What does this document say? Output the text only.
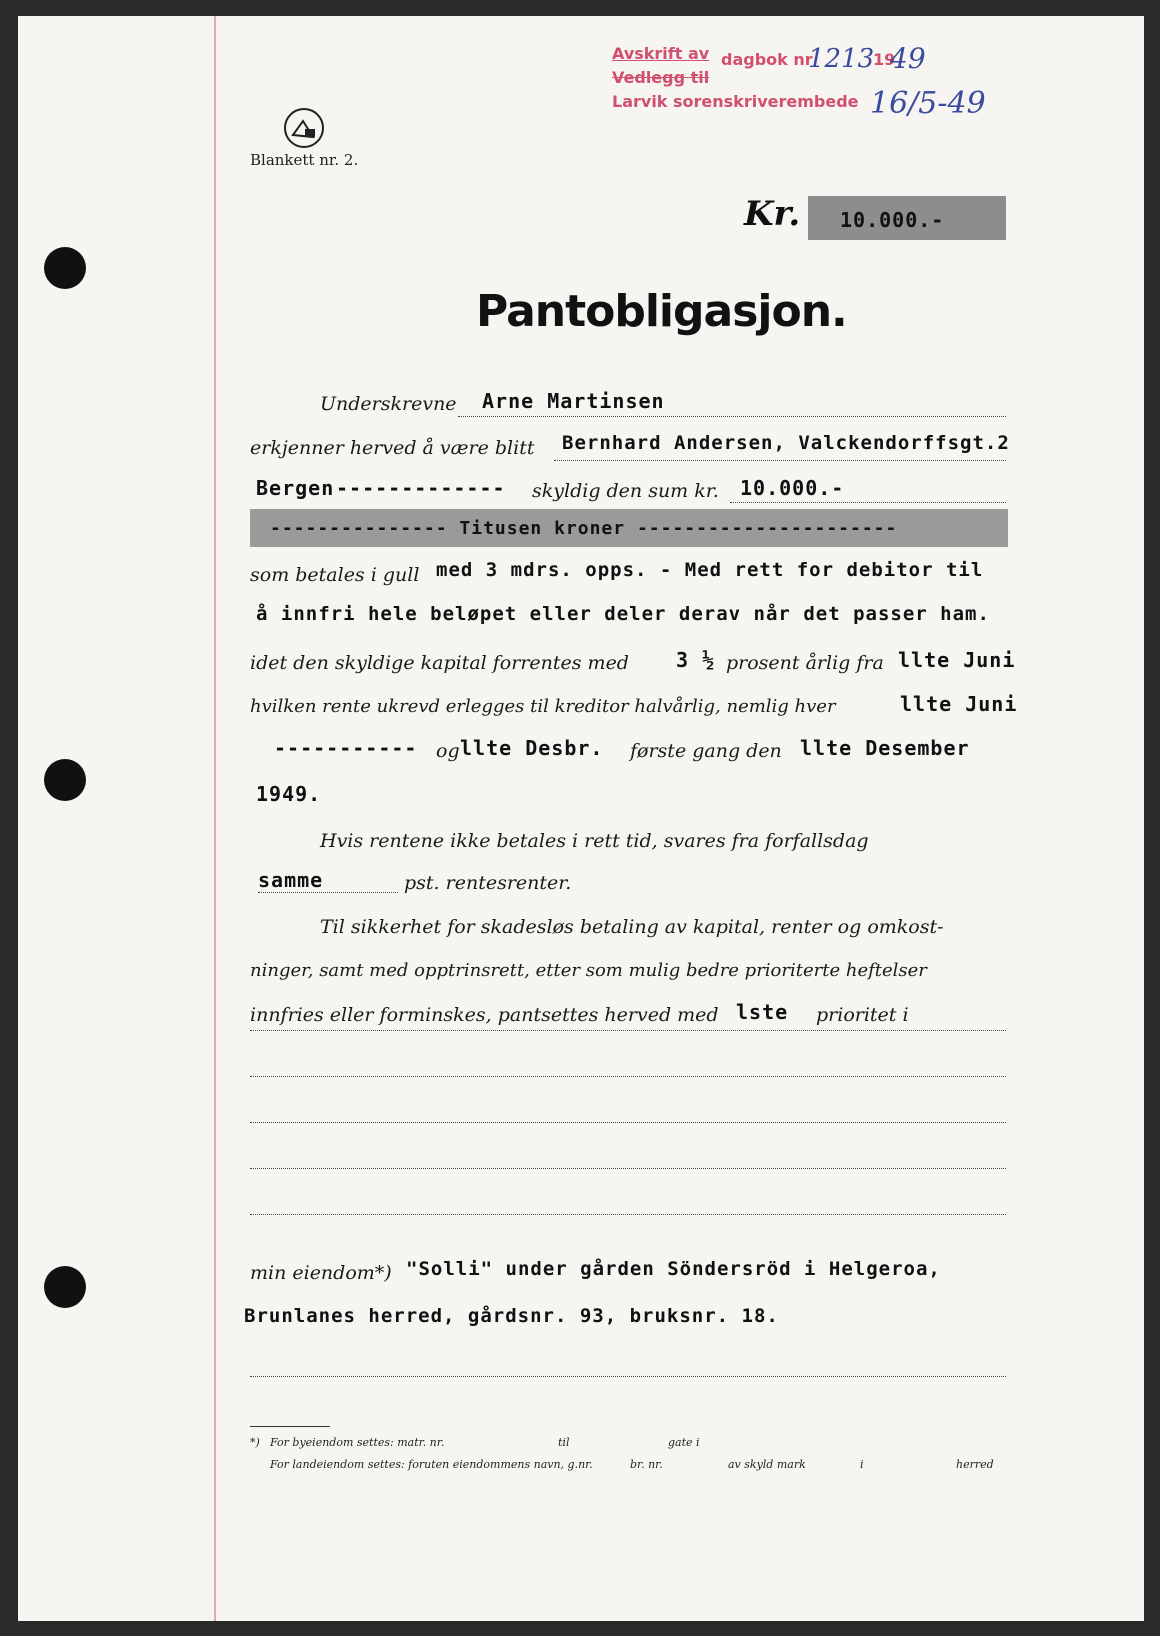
Avskrift av dagbok nr
1213
19
49
Vedlegg til
Larvik sorenskriverembede 16/5-49
Blankett nr. 2.
Kr. 10.000.-
Pantobligasjon.
Underskrevne Arne Martinsen
erkjenner herved å være blitt Bernhard Andersen, Valckendorffsgt.2
Bergen ------------- skyldig den sum kr. 10.000.-
--------------- Titusen kroner ----------------------
som betales i gull med 3 mdrs. opps. - Med rett for debitor til
å innfri hele beløpet eller deler derav når det passer ham.
idet den skyldige kapital forrentes med 3 ½ prosent årlig fra llte Juni
hvilken rente ukrevd erlegges til kreditor halvårlig, nemlig hver	llte Juni
----------- og llte Desbr. første gang den llte Desember
1949.
Hvis rentene ikke betales i rett tid, svares fra forfallsdag
samme	pst. rentesrenter.
Til sikkerhet for skadesløs betaling av kapital, renter og omkost-
ninger, samt med opptrinsrett, etter som mulig bedre prioriterte heftelser
innfries eller forminskes, pantsettes herved med lste prioritet i
min eiendom*) "Solli" under gården Söndersröd i Helgeroa,
Brunlanes herred, gårdsnr. 93, bruksnr. 18.
*) For byeiendom settes: matr. nr.	til	gate i
For landeiendom settes: foruten eiendommens navn, g.nr.	br. nr.	av skyld mark	i	herred
